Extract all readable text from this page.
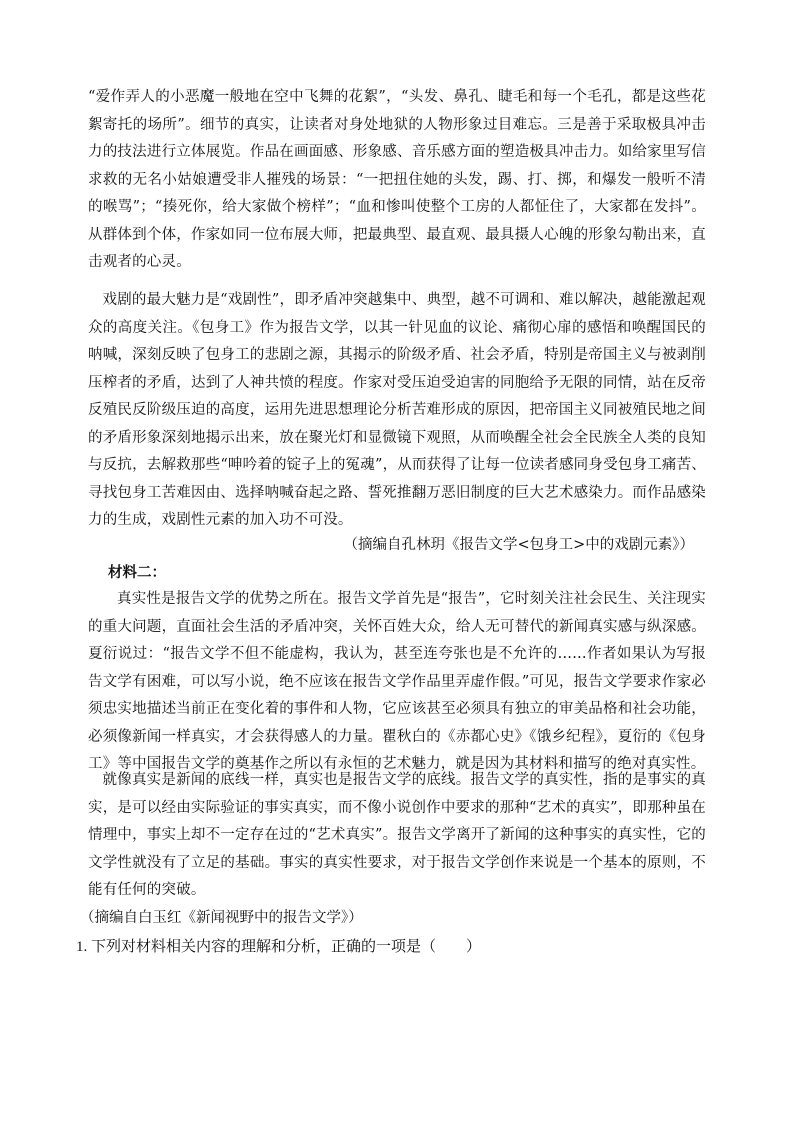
“爱作弄人的小恶魔一般地在空中飞舞的花絮”，“头发、鼻孔、睫毛和每一个毛孔，都是这些花絮寄托的场所”。细节的真实，让读者对身处地狱的人物形象过目难忘。三是善于采取极具冲击力的技法进行立体展览。作品在画面感、形象感、音乐感方面的塑造极具冲击力。如给家里写信求救的无名小姑娘遭受非人摧残的场景：“一把扭住她的头发，踢、打、掷，和爆发一般听不清的喉骂”；“揍死你，给大家做个榜样”；“血和惨叫使整个工房的人都怔住了，大家都在发抖”。从群体到个体，作家如同一位布展大师，把最典型、最直观、最具摄人心魄的形象勾勒出来，直击观者的心灵。

戏剧的最大魅力是“戏剧性”，即矛盾冲突越集中、典型，越不可调和、难以解决，越能激起观众的高度关注。《包身工》作为报告文学，以其一针见血的议论、痛彻心扉的感悟和唤醒国民的呐喊，深刻反映了包身工的悲剧之源，其揭示的阶级矛盾、社会矛盾，特别是帝国主义与被剥削压榨者的矛盾，达到了人神共愤的程度。作家对受压迫受迫害的同胞给予无限的同情，站在反帝反殖民反阶级压迫的高度，运用先进思想理论分析苦难形成的原因，把帝国主义同被殖民地之间的矛盾形象深刻地揭示出来，放在聚光灯和显微镜下观照，从而唤醒全社会全民族全人类的良知与反抗，去解救那些“呻吟着的锭子上的冤魂”，从而获得了让每一位读者感同身受包身工痛苦、寻找包身工苦难因由、选择呐喊奋起之路、誓死推翻万恶旧制度的巨大艺术感染力。而作品感染力的生成，戏剧性元素的加入功不可没。

（摘编自孔林玥《报告文学<包身工>中的戏剧元素》）

材料二：

真实性是报告文学的优势之所在。报告文学首先是“报告”，它时刻关注社会民生、关注现实的重大问题，直面社会生活的矛盾冲突，关怀百姓大众，给人无可替代的新闻真实感与纵深感。夏衍说过：“报告文学不但不能虚构，我认为，甚至连夸张也是不允许的……作者如果认为写报告文学有困难，可以写小说，绝不应该在报告文学作品里弄虚作假。”可见，报告文学要求作家必须忠实地描述当前正在变化着的事件和人物，它应该甚至必须具有独立的审美品格和社会功能，必须像新闻一样真实，才会获得感人的力量。瞿秋白的《赤都心史》《饿乡纪程》，夏衍的《包身工》等中国报告文学的奠基作之所以有永恒的艺术魅力，就是因为其材料和描写的绝对真实性。

就像真实是新闻的底线一样，真实也是报告文学的底线。报告文学的真实性，指的是事实的真实，是可以经由实际验证的事实真实，而不像小说创作中要求的那种“艺术的真实”，即那种虽在情理中，事实上却不一定存在过的“艺术真实”。报告文学离开了新闻的这种事实的真实性，它的文学性就没有了立足的基础。事实的真实性要求，对于报告文学创作来说是一个基本的原则，不能有任何的突破。

（摘编自白玉红《新闻视野中的报告文学》）

1. 下列对材料相关内容的理解和分析，正确的一项是（　　）
